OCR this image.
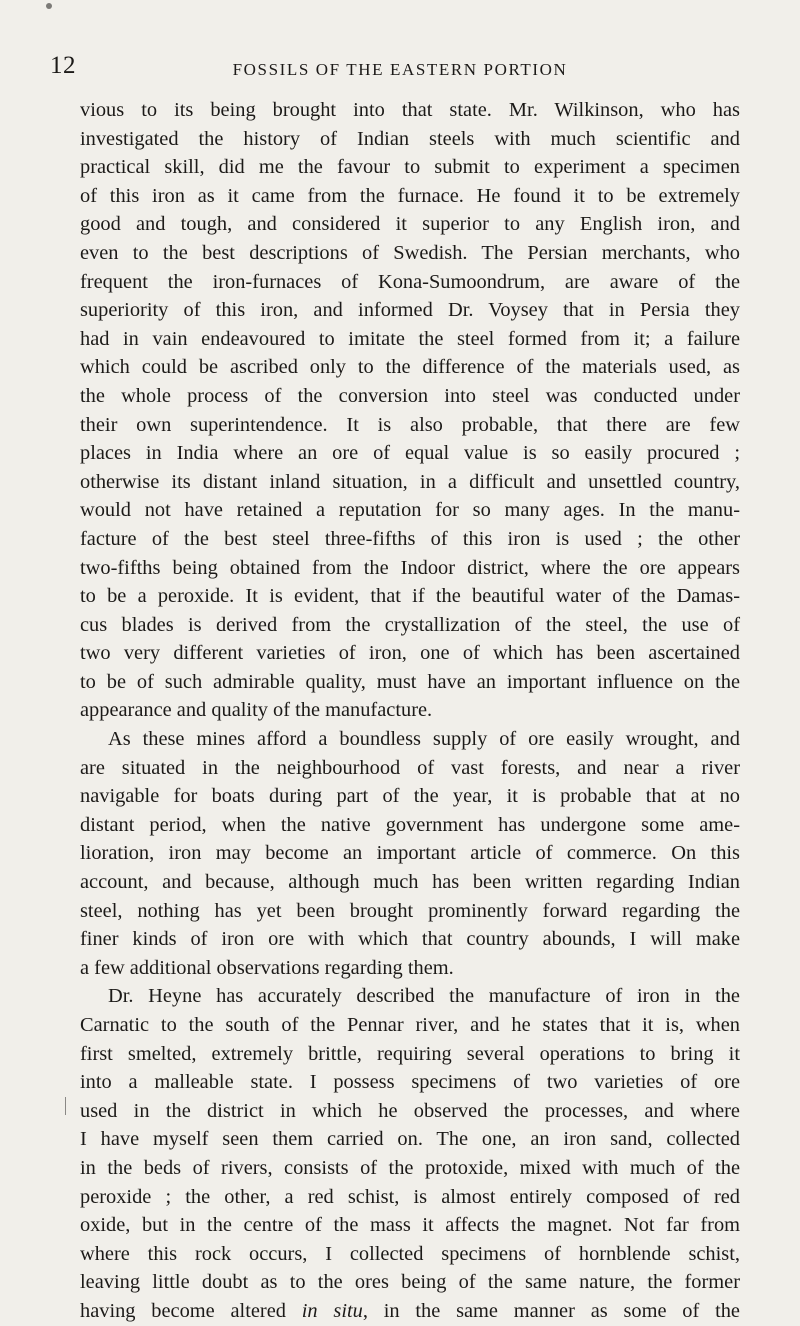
12	FOSSILS OF THE EASTERN PORTION
vious to its being brought into that state. Mr. Wilkinson, who has
investigated the history of Indian steels with much scientific and
practical skill, did me the favour to submit to experiment a specimen
of this iron as it came from the furnace. He found it to be extremely
good and tough, and considered it superior to any English iron, and
even to the best descriptions of Swedish. The Persian merchants, who
frequent the iron-furnaces of Kona-Sumoondrum, are aware of the
superiority of this iron, and informed Dr. Voysey that in Persia they
had in vain endeavoured to imitate the steel formed from it; a failure
which could be ascribed only to the difference of the materials used, as
the whole process of the conversion into steel was conducted under
their own superintendence. It is also probable, that there are few
places in India where an ore of equal value is so easily procured ;
otherwise its distant inland situation, in a difficult and unsettled country,
would not have retained a reputation for so many ages. In the manu-
facture of the best steel three-fifths of this iron is used ; the other
two-fifths being obtained from the Indoor district, where the ore appears
to be a peroxide. It is evident, that if the beautiful water of the Damas-
cus blades is derived from the crystallization of the steel, the use of
two very different varieties of iron, one of which has been ascertained
to be of such admirable quality, must have an important influence on the
appearance and quality of the manufacture.
As these mines afford a boundless supply of ore easily wrought, and
are situated in the neighbourhood of vast forests, and near a river
navigable for boats during part of the year, it is probable that at no
distant period, when the native government has undergone some ame-
lioration, iron may become an important article of commerce. On this
account, and because, although much has been written regarding Indian
steel, nothing has yet been brought prominently forward regarding the
finer kinds of iron ore with which that country abounds, I will make
a few additional observations regarding them.
Dr. Heyne has accurately described the manufacture of iron in the
Carnatic to the south of the Pennar river, and he states that it is, when
first smelted, extremely brittle, requiring several operations to bring it
into a malleable state. I possess specimens of two varieties of ore
used in the district in which he observed the processes, and where
I have myself seen them carried on. The one, an iron sand, collected
in the beds of rivers, consists of the protoxide, mixed with much of the
peroxide ; the other, a red schist, is almost entirely composed of red
oxide, but in the centre of the mass it affects the magnet. Not far from
where this rock occurs, I collected specimens of hornblende schist,
leaving little doubt as to the ores being of the same nature, the former
having become altered in situ, in the same manner as some of the
